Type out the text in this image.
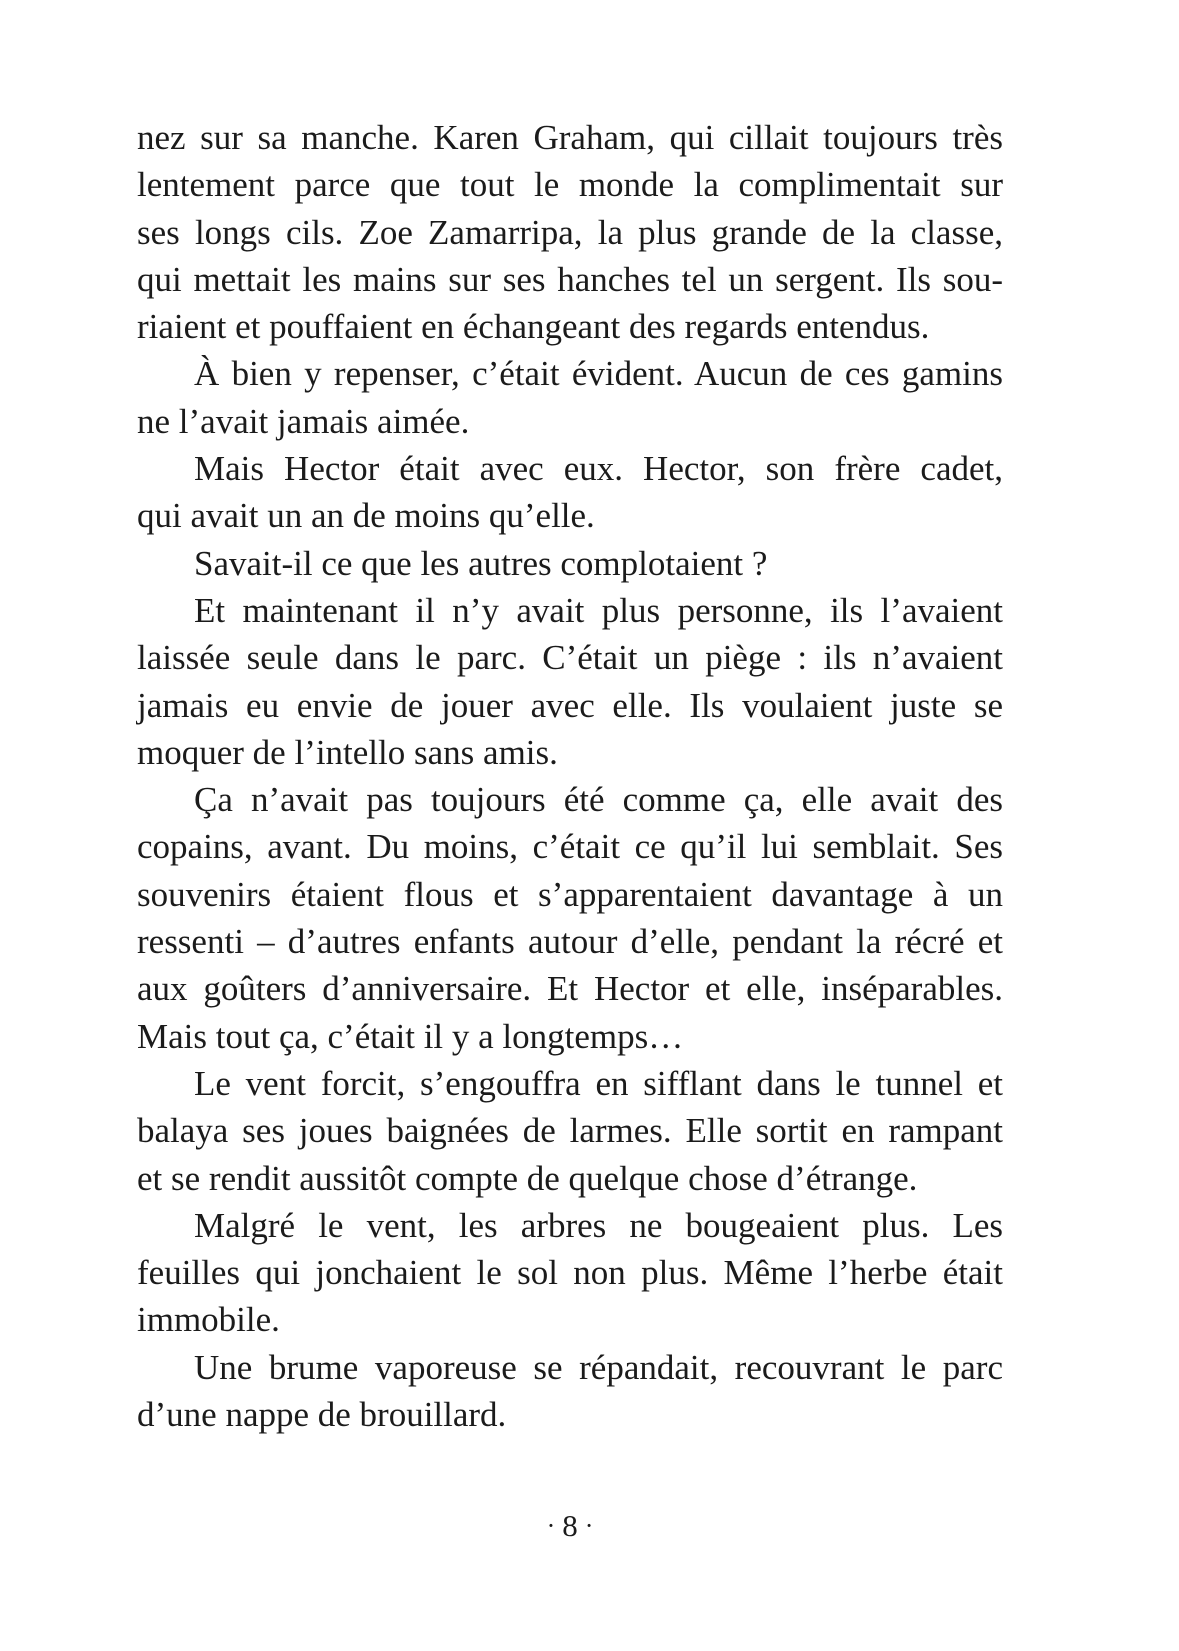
nez sur sa manche. Karen Graham, qui cillait toujours très
lentement parce que tout le monde la complimentait sur
ses longs cils. Zoe Zamarripa, la plus grande de la classe,
qui mettait les mains sur ses hanches tel un sergent. Ils sou-
riaient et pouffaient en échangeant des regards entendus.
À bien y repenser, c’était évident. Aucun de ces gamins
ne l’avait jamais aimée.
Mais Hector était avec eux. Hector, son frère cadet,
qui avait un an de moins qu’elle.
Savait-il ce que les autres complotaient ?
Et maintenant il n’y avait plus personne, ils l’avaient
laissée seule dans le parc. C’était un piège : ils n’avaient
jamais eu envie de jouer avec elle. Ils voulaient juste se
moquer de l’intello sans amis.
Ça n’avait pas toujours été comme ça, elle avait des
copains, avant. Du moins, c’était ce qu’il lui semblait. Ses
souvenirs étaient flous et s’apparentaient davantage à un
ressenti – d’autres enfants autour d’elle, pendant la récré et
aux goûters d’anniversaire. Et Hector et elle, inséparables.
Mais tout ça, c’était il y a longtemps…
Le vent forcit, s’engouffra en sifflant dans le tunnel et
balaya ses joues baignées de larmes. Elle sortit en rampant
et se rendit aussitôt compte de quelque chose d’étrange.
Malgré le vent, les arbres ne bougeaient plus. Les
feuilles qui jonchaient le sol non plus. Même l’herbe était
immobile.
Une brume vaporeuse se répandait, recouvrant le parc
d’une nappe de brouillard.
· 8 ·
